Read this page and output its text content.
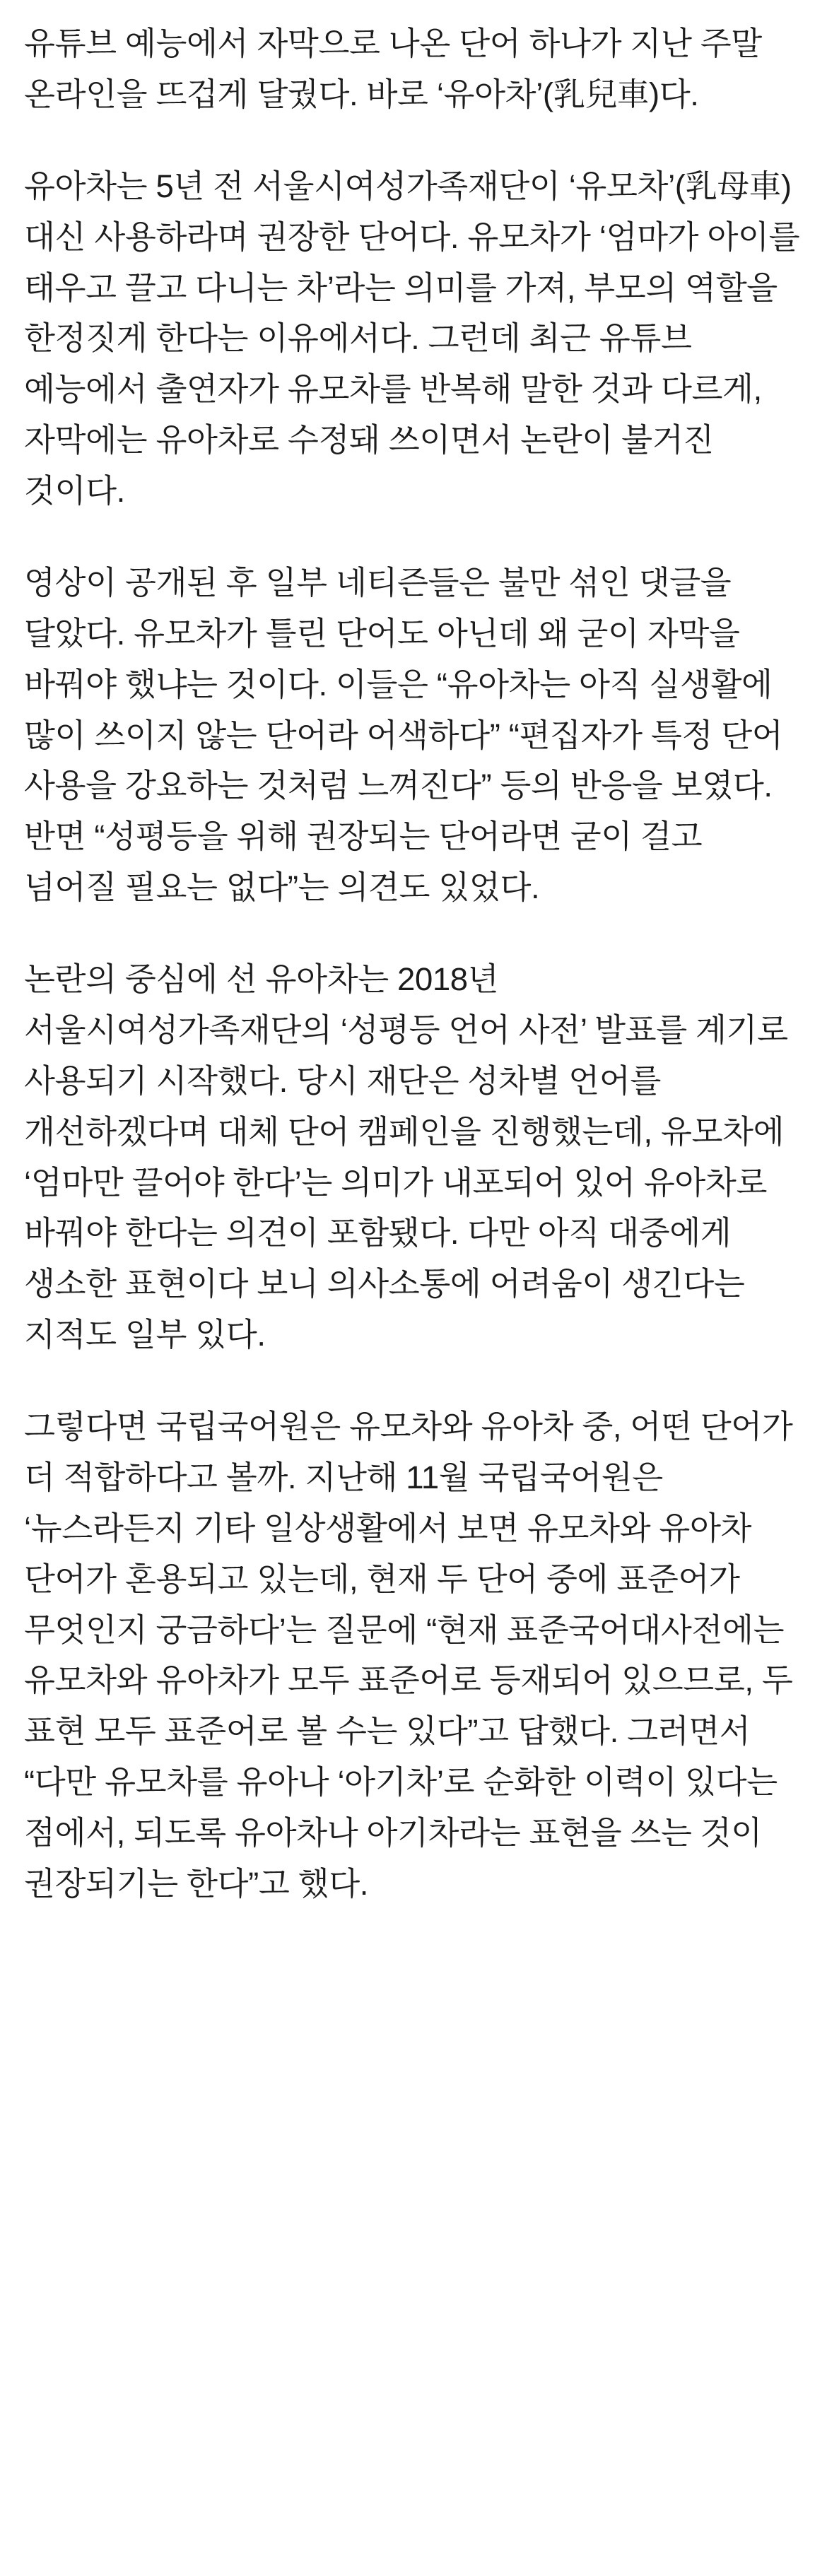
유튜브 예능에서 자막으로 나온 단어 하나가 지난 주말 온라인을 뜨겁게 달궜다. 바로 ‘유아차’(乳兒車)다.

유아차는 5년 전 서울시여성가족재단이 ‘유모차’(乳母車) 대신 사용하라며 권장한 단어다. 유모차가 ‘엄마가 아이를 태우고 끌고 다니는 차’라는 의미를 가져, 부모의 역할을 한정짓게 한다는 이유에서다. 그런데 최근 유튜브 예능에서 출연자가 유모차를 반복해 말한 것과 다르게, 자막에는 유아차로 수정돼 쓰이면서 논란이 불거진 것이다.

영상이 공개된 후 일부 네티즌들은 불만 섞인 댓글을 달았다. 유모차가 틀린 단어도 아닌데 왜 굳이 자막을 바꿔야 했냐는 것이다. 이들은 “유아차는 아직 실생활에 많이 쓰이지 않는 단어라 어색하다” “편집자가 특정 단어 사용을 강요하는 것처럼 느껴진다” 등의 반응을 보였다. 반면 “성평등을 위해 권장되는 단어라면 굳이 걸고 넘어질 필요는 없다”는 의견도 있었다.

논란의 중심에 선 유아차는 2018년 서울시여성가족재단의 ‘성평등 언어 사전’ 발표를 계기로 사용되기 시작했다. 당시 재단은 성차별 언어를 개선하겠다며 대체 단어 캠페인을 진행했는데, 유모차에 ‘엄마만 끌어야 한다’는 의미가 내포되어 있어 유아차로 바꿔야 한다는 의견이 포함됐다. 다만 아직 대중에게 생소한 표현이다 보니 의사소통에 어려움이 생긴다는 지적도 일부 있다.

그렇다면 국립국어원은 유모차와 유아차 중, 어떤 단어가 더 적합하다고 볼까. 지난해 11월 국립국어원은 ‘뉴스라든지 기타 일상생활에서 보면 유모차와 유아차 단어가 혼용되고 있는데, 현재 두 단어 중에 표준어가 무엇인지 궁금하다’는 질문에 “현재 표준국어대사전에는 유모차와 유아차가 모두 표준어로 등재되어 있으므로, 두 표현 모두 표준어로 볼 수는 있다”고 답했다. 그러면서 “다만 유모차를 유아나 ‘아기차’로 순화한 이력이 있다는 점에서, 되도록 유아차나 아기차라는 표현을 쓰는 것이 권장되기는 한다”고 했다.
